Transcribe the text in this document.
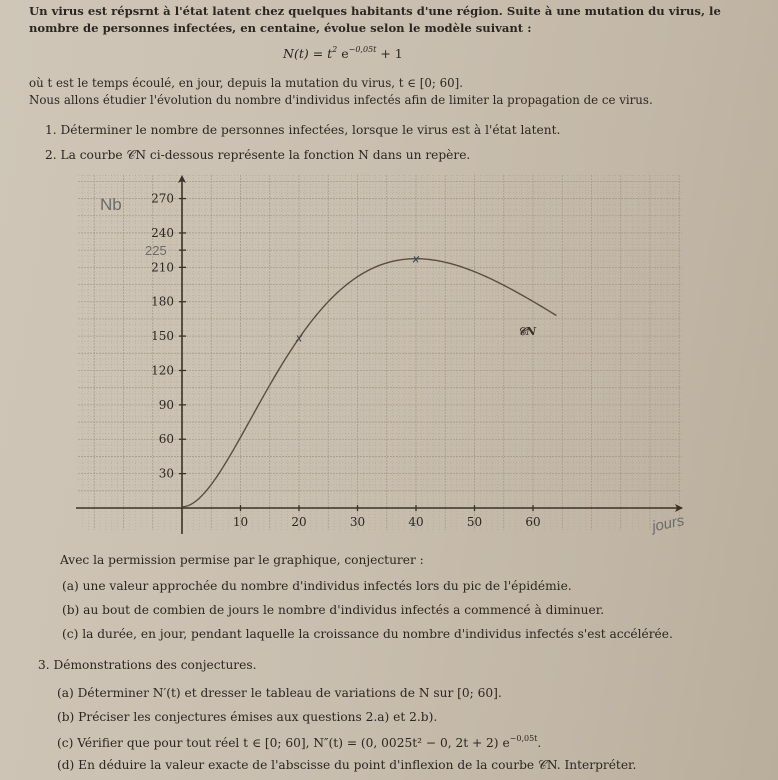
Un virus est répsrnt à l'état latent chez quelques habitants d'une région. Suite à une mutation du virus, le
nombre de personnes infectées, en centaine, évolue selon le modèle suivant :
$N(t) = t^2$ $e^{-0,05t} + 1$
où t est le temps écoulé, en jour, depuis la mutation du virus, t ∈ [0; 60].
Nous allons étudier l'évolution du nombre d'individus infectés afin de limiter la propagation de ce virus.
1. Déterminer le nombre de personnes infectées, lorsque le virus est à l'état latent.
2. La courbe 𝒞N ci-dessous représente la fonction N dans un repère.
10	20	30	40	50	60
30
60
90
120
150
180
210
240
270
Nb
jours
𝒞N
225
Avec la permission permise par le graphique, conjecturer :
(a) une valeur approchée du nombre d'individus infectés lors du pic de l'épidémie.
(b) au bout de combien de jours le nombre d'individus infectés a commencé à diminuer.
(c) la durée, en jour, pendant laquelle la croissance du nombre d'individus infectés s'est accélérée.
3. Démonstrations des conjectures.
(a) Déterminer N′(t) et dresser le tableau de variations de N sur [0; 60].
(b) Préciser les conjectures émises aux questions 2.a) et 2.b).
(c) Vérifier que pour tout réel t ∈ [0; 60], N″(t) = (0, 0025t² − 0, 2t + 2) $e^{-0,05t}$.
(d) En déduire la valeur exacte de l'abscisse du point d'inflexion de la courbe 𝒞N. Interpréter.
